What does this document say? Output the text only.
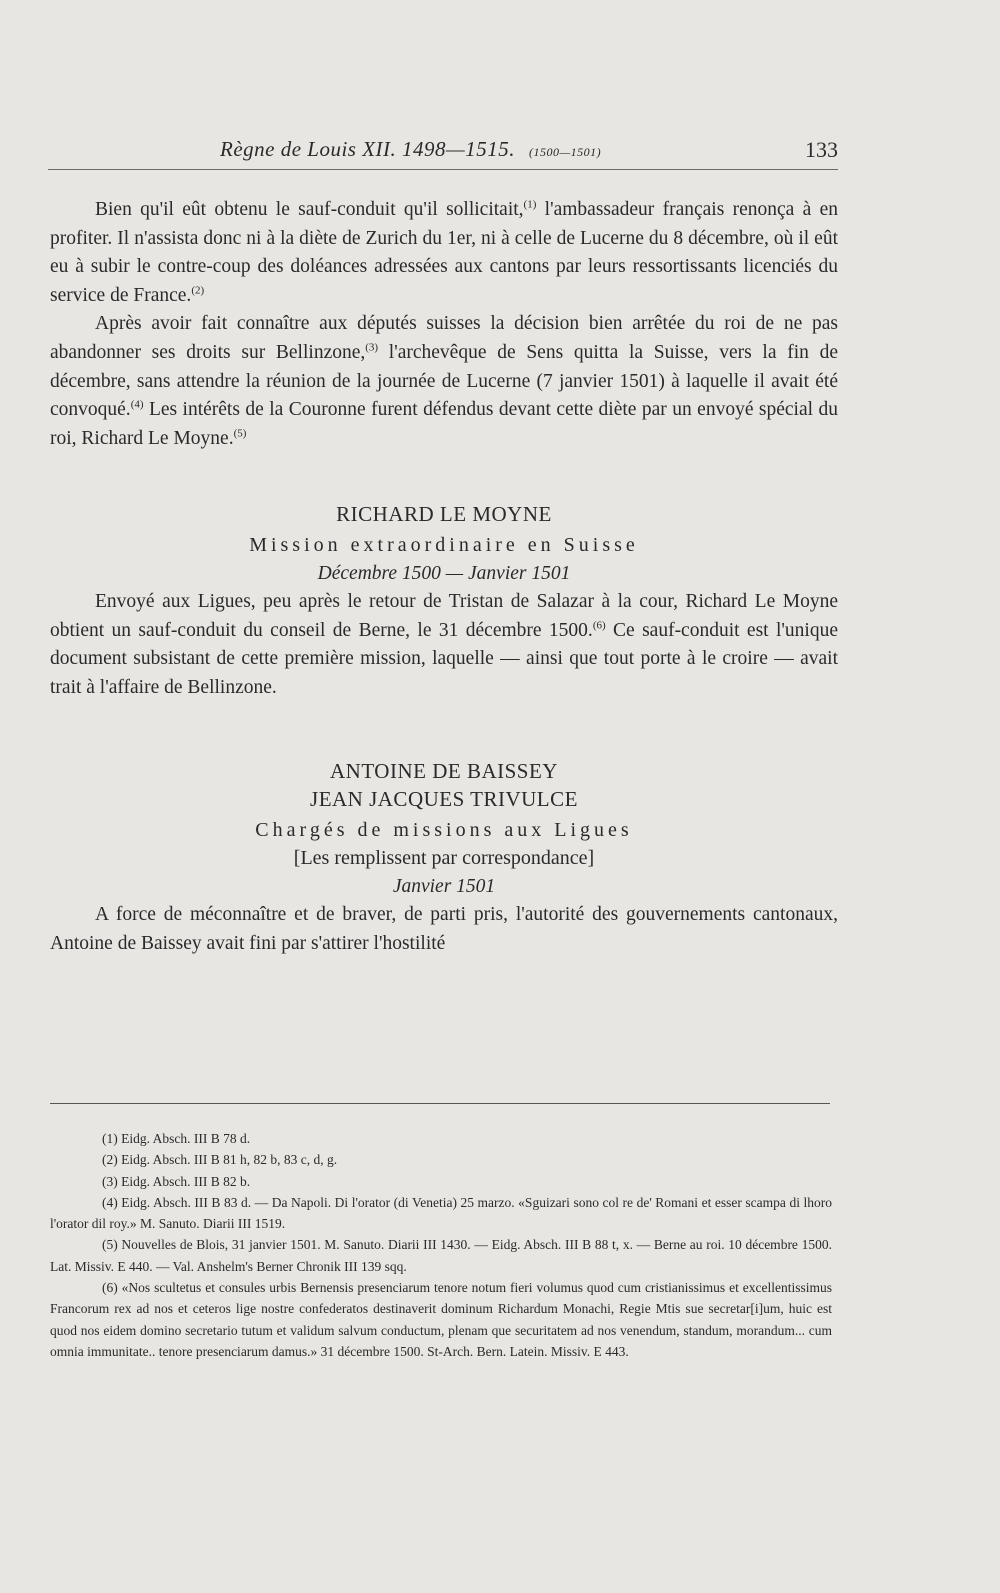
Règne de Louis XII. 1498—1515. (1500—1501)	133

Bien qu'il eût obtenu le sauf-conduit qu'il sollicitait,$^{(1)}$ l'ambassadeur français renonça à en profiter. Il n'assista donc ni à la diète de Zurich du 1er, ni à celle de Lucerne du 8 décembre, où il eût eu à subir le contre-coup des doléances adressées aux cantons par leurs ressortissants licenciés du service de France.$^{(2)}$

Après avoir fait connaître aux députés suisses la décision bien arrêtée du roi de ne pas abandonner ses droits sur Bellinzone,$^{(3)}$ l'archevêque de Sens quitta la Suisse, vers la fin de décembre, sans attendre la réunion de la journée de Lucerne (7 janvier 1501) à laquelle il avait été convoqué.$^{(4)}$ Les intérêts de la Couronne furent défendus devant cette diète par un envoyé spécial du roi, Richard Le Moyne.$^{(5)}$

RICHARD LE MOYNE
Mission extraordinaire en Suisse
Décembre 1500 — Janvier 1501

Envoyé aux Ligues, peu après le retour de Tristan de Salazar à la cour, Richard Le Moyne obtient un sauf-conduit du conseil de Berne, le 31 décembre 1500.$^{(6)}$ Ce sauf-conduit est l'unique document subsistant de cette première mission, laquelle — ainsi que tout porte à le croire — avait trait à l'affaire de Bellinzone.

ANTOINE DE BAISSEY
JEAN JACQUES TRIVULCE
Chargés de missions aux Ligues
[Les remplissent par correspondance]
Janvier 1501

A force de méconnaître et de braver, de parti pris, l'autorité des gouvernements cantonaux, Antoine de Baissey avait fini par s'attirer l'hostilité

(1) Eidg. Absch. III B 78 d.

(2) Eidg. Absch. III B 81 h, 82 b, 83 c, d, g.

(3) Eidg. Absch. III B 82 b.

(4) Eidg. Absch. III B 83 d. — Da Napoli. Di l'orator (di Venetia) 25 marzo. «Sguizari sono col re de' Romani et esser scampa di lhoro l'orator dil roy.» M. Sanuto. Diarii III 1519.

(5) Nouvelles de Blois, 31 janvier 1501. M. Sanuto. Diarii III 1430. — Eidg. Absch. III B 88 t, x. — Berne au roi. 10 décembre 1500. Lat. Missiv. E 440. — Val. Anshelm's Berner Chronik III 139 sqq.

(6) «Nos scultetus et consules urbis Bernensis presenciarum tenore notum fieri volumus quod cum cristianissimus et excellentissimus Francorum rex ad nos et ceteros lige nostre confederatos destinaverit dominum Richardum Monachi, Regie Mtis sue secretar[i]um, huic est quod nos eidem domino secretario tutum et validum salvum conductum, plenam que securitatem ad nos venendum, standum, morandum... cum omnia immunitate.. tenore presenciarum damus.» 31 décembre 1500. St-Arch. Bern. Latein. Missiv. E 443.
